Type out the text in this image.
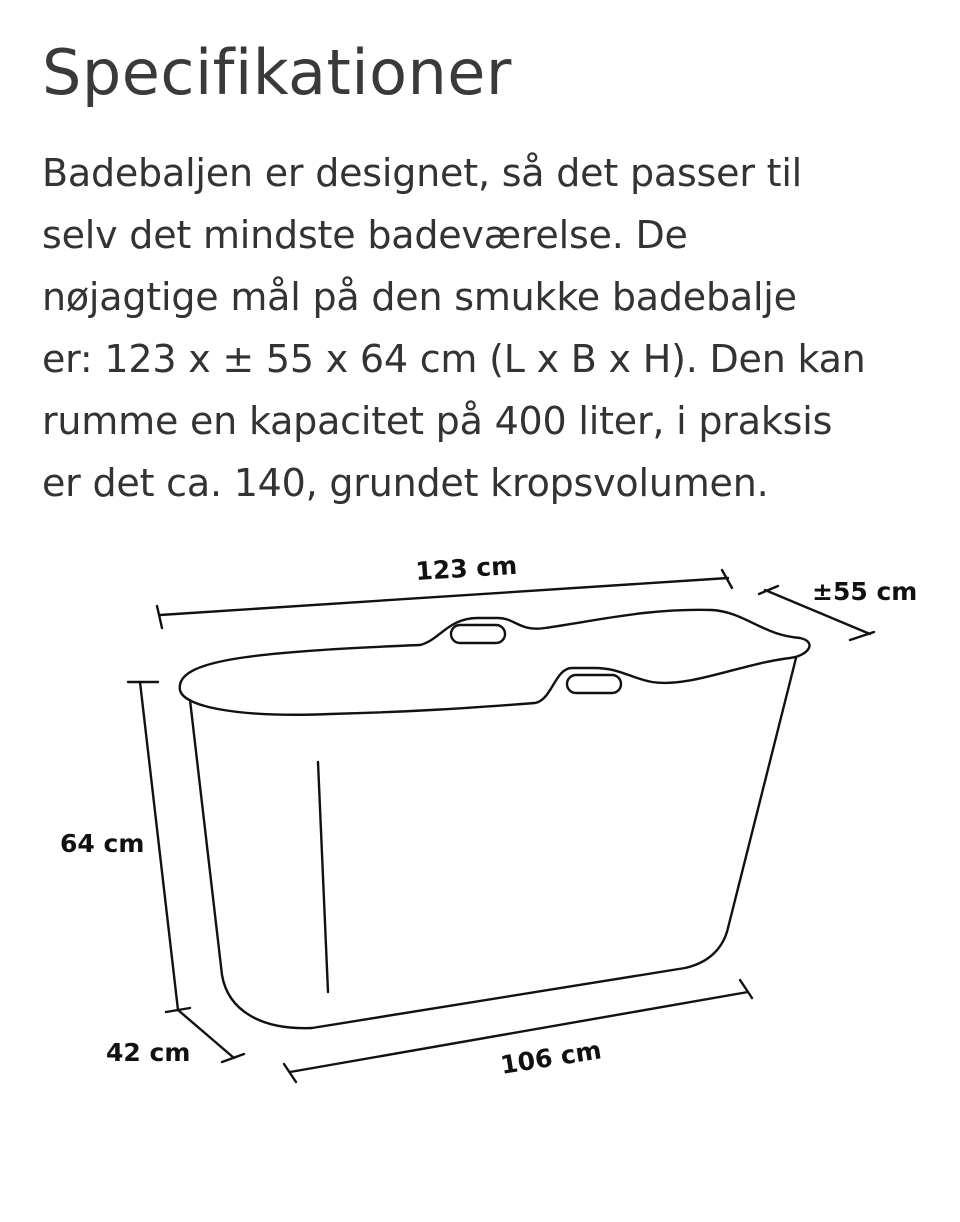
Specifikationer
Badebaljen er designet, så det passer til
selv det mindste badeværelse. De
nøjagtige mål på den smukke badebalje
er: 123 x ± 55 x 64 cm (L x B x H). Den kan
rumme en kapacitet på 400 liter, i praksis
er det ca. 140, grundet kropsvolumen.
123 cm
±55 cm
64 cm
42 cm	106 cm
